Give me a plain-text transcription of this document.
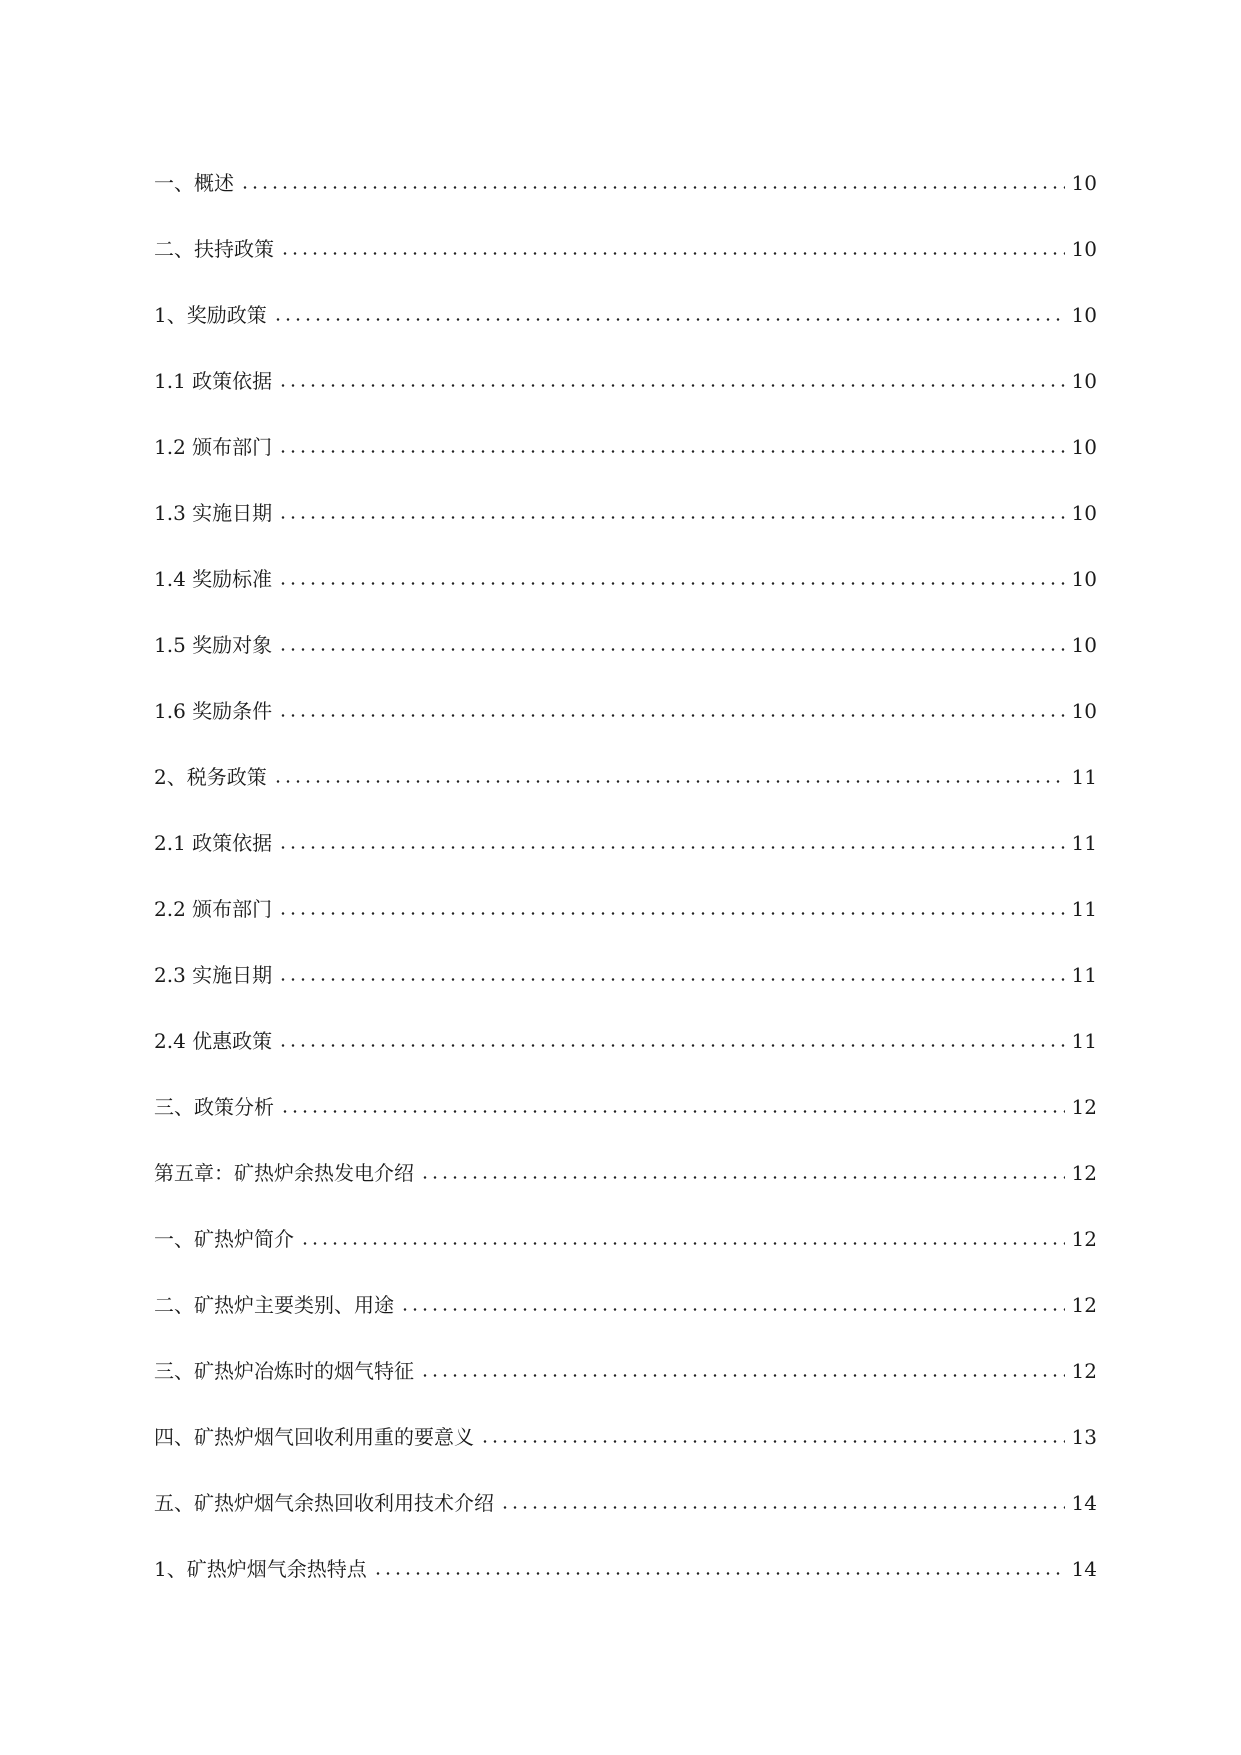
一、概述	10
二、扶持政策	10
1、奖励政策	10
1.1 政策依据	10
1.2 颁布部门	10
1.3 实施日期	10
1.4 奖励标准	10
1.5 奖励对象	10
1.6 奖励条件	10
2、税务政策	11
2.1 政策依据	11
2.2 颁布部门	11
2.3 实施日期	11
2.4 优惠政策	11
三、政策分析	12
第五章：矿热炉余热发电介绍	12
一、矿热炉简介	12
二、矿热炉主要类别、用途	12
三、矿热炉冶炼时的烟气特征	12
四、矿热炉烟气回收利用重的要意义	13
五、矿热炉烟气余热回收利用技术介绍	14
1、矿热炉烟气余热特点	14
